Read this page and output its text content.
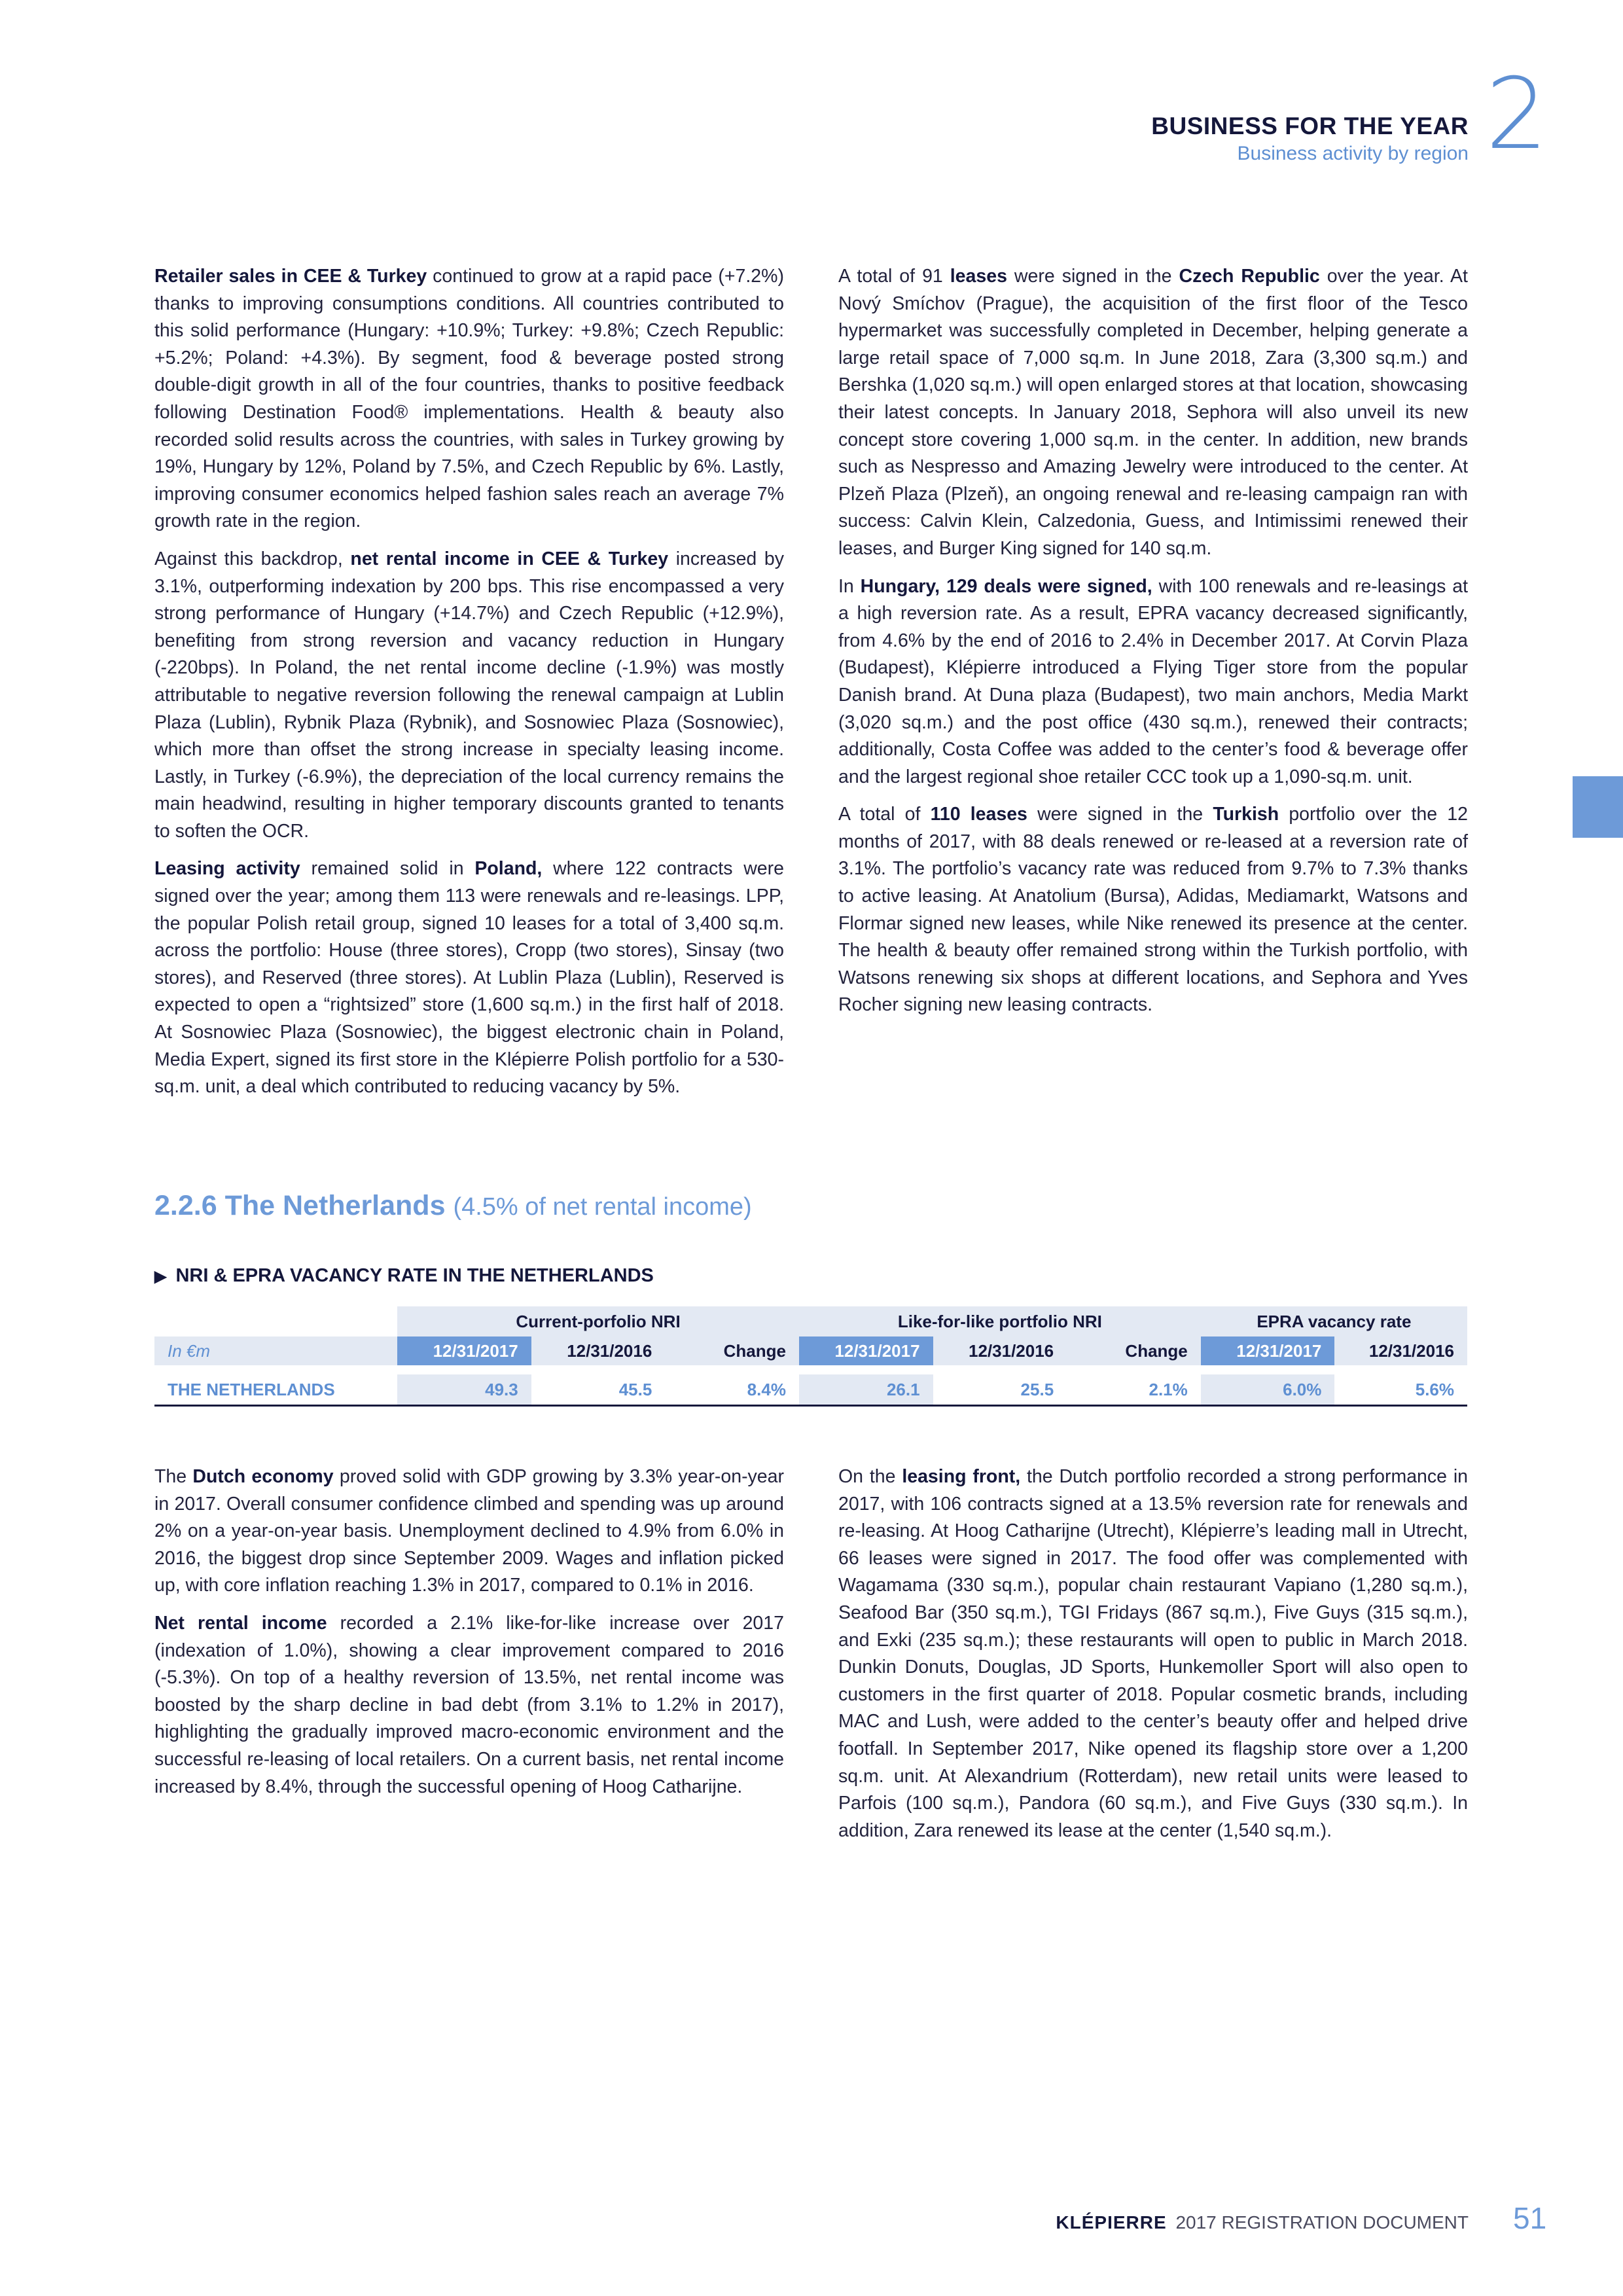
BUSINESS FOR THE YEAR
Business activity by region 2

Retailer sales in CEE & Turkey continued to grow at a rapid pace (+7.2%) thanks to improving consumptions conditions. All countries contributed to this solid performance (Hungary: +10.9%; Turkey: +9.8%; Czech Republic: +5.2%; Poland: +4.3%). By segment, food & beverage posted strong double-digit growth in all of the four countries, thanks to positive feedback following Destination Food® implementations. Health & beauty also recorded solid results across the countries, with sales in Turkey growing by 19%, Hungary by 12%, Poland by 7.5%, and Czech Republic by 6%. Lastly, improving consumer economics helped fashion sales reach an average 7% growth rate in the region.

Against this backdrop, net rental income in CEE & Turkey increased by 3.1%, outperforming indexation by 200 bps. This rise encompassed a very strong performance of Hungary (+14.7%) and Czech Republic (+12.9%), benefiting from strong reversion and vacancy reduction in Hungary (-220bps). In Poland, the net rental income decline (-1.9%) was mostly attributable to negative reversion following the renewal campaign at Lublin Plaza (Lublin), Rybnik Plaza (Rybnik), and Sosnowiec Plaza (Sosnowiec), which more than offset the strong increase in specialty leasing income. Lastly, in Turkey (-6.9%), the depreciation of the local currency remains the main headwind, resulting in higher temporary discounts granted to tenants to soften the OCR.

Leasing activity remained solid in Poland, where 122 contracts were signed over the year; among them 113 were renewals and re-leasings. LPP, the popular Polish retail group, signed 10 leases for a total of 3,400 sq.m. across the portfolio: House (three stores), Cropp (two stores), Sinsay (two stores), and Reserved (three stores). At Lublin Plaza (Lublin), Reserved is expected to open a “rightsized” store (1,600 sq.m.) in the first half of 2018. At Sosnowiec Plaza (Sosnowiec), the biggest electronic chain in Poland, Media Expert, signed its first store in the Klépierre Polish portfolio for a 530-sq.m. unit, a deal which contributed to reducing vacancy by 5%.

A total of 91 leases were signed in the Czech Republic over the year. At Nový Smíchov (Prague), the acquisition of the first floor of the Tesco hypermarket was successfully completed in December, helping generate a large retail space of 7,000 sq.m. In June 2018, Zara (3,300 sq.m.) and Bershka (1,020 sq.m.) will open enlarged stores at that location, showcasing their latest concepts. In January 2018, Sephora will also unveil its new concept store covering 1,000 sq.m. in the center. In addition, new brands such as Nespresso and Amazing Jewelry were introduced to the center. At Plzeň Plaza (Plzeň), an ongoing renewal and re-leasing campaign ran with success: Calvin Klein, Calzedonia, Guess, and Intimissimi renewed their leases, and Burger King signed for 140 sq.m.

In Hungary, 129 deals were signed, with 100 renewals and re-leasings at a high reversion rate. As a result, EPRA vacancy decreased significantly, from 4.6% by the end of 2016 to 2.4% in December 2017. At Corvin Plaza (Budapest), Klépierre introduced a Flying Tiger store from the popular Danish brand. At Duna plaza (Budapest), two main anchors, Media Markt (3,020 sq.m.) and the post office (430 sq.m.), renewed their contracts; additionally, Costa Coffee was added to the center’s food & beverage offer and the largest regional shoe retailer CCC took up a 1,090-sq.m. unit.

A total of 110 leases were signed in the Turkish portfolio over the 12 months of 2017, with 88 deals renewed or re-leased at a reversion rate of 3.1%. The portfolio’s vacancy rate was reduced from 9.7% to 7.3% thanks to active leasing. At Anatolium (Bursa), Adidas, Mediamarkt, Watsons and Flormar signed new leases, while Nike renewed its presence at the center. The health & beauty offer remained strong within the Turkish portfolio, with Watsons renewing six shops at different locations, and Sephora and Yves Rocher signing new leasing contracts.

2.2.6 The Netherlands (4.5% of net rental income)
▶ NRI & EPRA VACANCY RATE IN THE NETHERLANDS
	Current-porfolio NRI			Like-for-like portfolio NRI			EPRA vacancy rate	
In €m	12/31/2017	12/31/2016	Change	12/31/2017	12/31/2016	Change	12/31/2017	12/31/2016

THE NETHERLANDS	49.3	45.5	8.4%	26.1	25.5	2.1%	6.0%	5.6%

The Dutch economy proved solid with GDP growing by 3.3% year-on-year in 2017. Overall consumer confidence climbed and spending was up around 2% on a year-on-year basis. Unemployment declined to 4.9% from 6.0% in 2016, the biggest drop since September 2009. Wages and inflation picked up, with core inflation reaching 1.3% in 2017, compared to 0.1% in 2016.

Net rental income recorded a 2.1% like-for-like increase over 2017 (indexation of 1.0%), showing a clear improvement compared to 2016 (-5.3%). On top of a healthy reversion of 13.5%, net rental income was boosted by the sharp decline in bad debt (from 3.1% to 1.2% in 2017), highlighting the gradually improved macro-economic environment and the successful re-leasing of local retailers. On a current basis, net rental income increased by 8.4%, through the successful opening of Hoog Catharijne.

On the leasing front, the Dutch portfolio recorded a strong performance in 2017, with 106 contracts signed at a 13.5% reversion rate for renewals and re-leasing. At Hoog Catharijne (Utrecht), Klépierre’s leading mall in Utrecht, 66 leases were signed in 2017. The food offer was complemented with Wagamama (330 sq.m.), popular chain restaurant Vapiano (1,280 sq.m.), Seafood Bar (350 sq.m.), TGI Fridays (867 sq.m.), Five Guys (315 sq.m.), and Exki (235 sq.m.); these restaurants will open to public in March 2018. Dunkin Donuts, Douglas, JD Sports, Hunkemoller Sport will also open to customers in the first quarter of 2018. Popular cosmetic brands, including MAC and Lush, were added to the center’s beauty offer and helped drive footfall. In September 2017, Nike opened its flagship store over a 1,200 sq.m. unit. At Alexandrium (Rotterdam), new retail units were leased to Parfois (100 sq.m.), Pandora (60 sq.m.), and Five Guys (330 sq.m.). In addition, Zara renewed its lease at the center (1,540 sq.m.).

KLÉPIERRE 2017 REGISTRATION DOCUMENT 51
